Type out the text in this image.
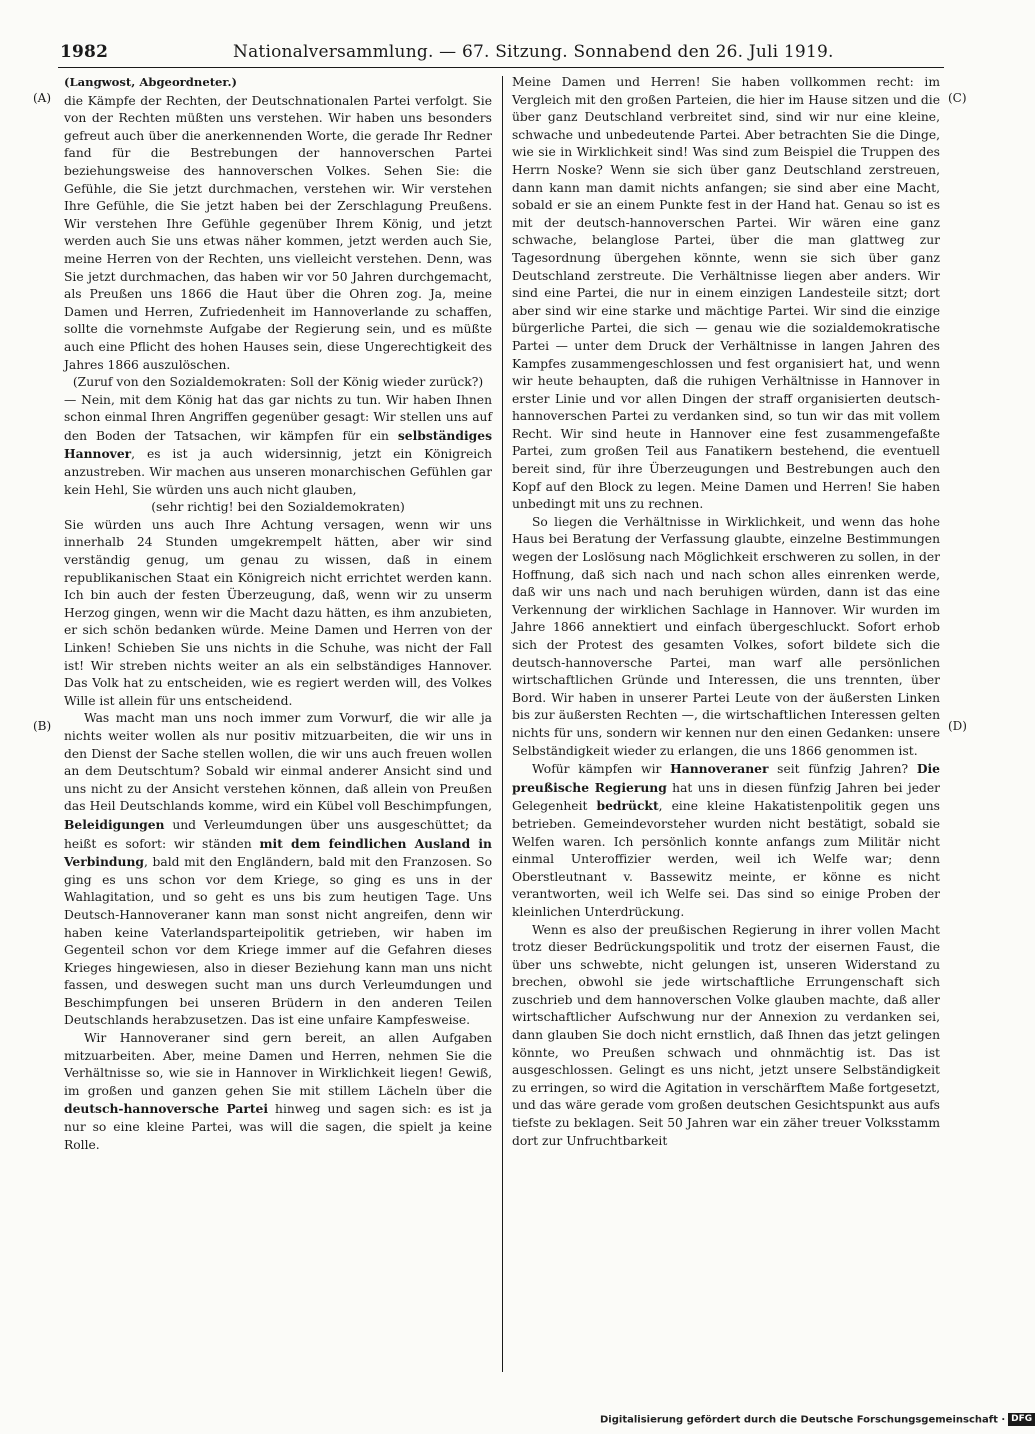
1982	Nationalversammlung. — 67. Sitzung. Sonnabend den 26. Juli 1919.
(A)
(B)
(C)
(D)

(Langwost, Abgeordneter.)

die Kämpfe der Rechten, der Deutschnationalen Partei verfolgt. Sie von der Rechten müßten uns verstehen. Wir haben uns besonders gefreut auch über die anerkennenden Worte, die gerade Ihr Redner fand für die Bestrebungen der hannoverschen Partei beziehungsweise des hannoverschen Volkes. Sehen Sie: die Gefühle, die Sie jetzt durchmachen, verstehen wir. Wir verstehen Ihre Gefühle, die Sie jetzt haben bei der Zerschlagung Preußens. Wir verstehen Ihre Gefühle gegenüber Ihrem König, und jetzt werden auch Sie uns etwas näher kommen, jetzt werden auch Sie, meine Herren von der Rechten, uns vielleicht verstehen. Denn, was Sie jetzt durchmachen, das haben wir vor 50 Jahren durchgemacht, als Preußen uns 1866 die Haut über die Ohren zog. Ja, meine Damen und Herren, Zufriedenheit im Hannoverlande zu schaffen, sollte die vornehmste Aufgabe der Regierung sein, und es müßte auch eine Pflicht des hohen Hauses sein, diese Ungerechtigkeit des Jahres 1866 auszulöschen.

(Zuruf von den Sozialdemokraten: Soll der König wieder zurück?)

— Nein, mit dem König hat das gar nichts zu tun. Wir haben Ihnen schon einmal Ihren Angriffen gegenüber gesagt: Wir stellen uns auf den Boden der Tatsachen, wir kämpfen für ein selbständiges Hannover, es ist ja auch widersinnig, jetzt ein Königreich anzustreben. Wir machen aus unseren monarchischen Gefühlen gar kein Hehl, Sie würden uns auch nicht glauben,

(sehr richtig! bei den Sozialdemokraten)

Sie würden uns auch Ihre Achtung versagen, wenn wir uns innerhalb 24 Stunden umgekrempelt hätten, aber wir sind verständig genug, um genau zu wissen, daß in einem republikanischen Staat ein Königreich nicht errichtet werden kann. Ich bin auch der festen Überzeugung, daß, wenn wir zu unserm Herzog gingen, wenn wir die Macht dazu hätten, es ihm anzubieten, er sich schön bedanken würde. Meine Damen und Herren von der Linken! Schieben Sie uns nichts in die Schuhe, was nicht der Fall ist! Wir streben nichts weiter an als ein selbständiges Hannover. Das Volk hat zu entscheiden, wie es regiert werden will, des Volkes Wille ist allein für uns entscheidend.

Was macht man uns noch immer zum Vorwurf, die wir alle ja nichts weiter wollen als nur positiv mitzuarbeiten, die wir uns in den Dienst der Sache stellen wollen, die wir uns auch freuen wollen an dem Deutschtum? Sobald wir einmal anderer Ansicht sind und uns nicht zu der Ansicht verstehen können, daß allein von Preußen das Heil Deutschlands komme, wird ein Kübel voll Beschimpfungen, Beleidigungen und Verleumdungen über uns ausgeschüttet; da heißt es sofort: wir ständen mit dem feindlichen Ausland in Verbindung, bald mit den Engländern, bald mit den Franzosen. So ging es uns schon vor dem Kriege, so ging es uns in der Wahlagitation, und so geht es uns bis zum heutigen Tage. Uns Deutsch-Hannoveraner kann man sonst nicht angreifen, denn wir haben keine Vaterlandsparteipolitik getrieben, wir haben im Gegenteil schon vor dem Kriege immer auf die Gefahren dieses Krieges hingewiesen, also in dieser Beziehung kann man uns nicht fassen, und deswegen sucht man uns durch Verleumdungen und Beschimpfungen bei unseren Brüdern in den anderen Teilen Deutschlands herabzusetzen. Das ist eine unfaire Kampfesweise.

Wir Hannoveraner sind gern bereit, an allen Aufgaben mitzuarbeiten. Aber, meine Damen und Herren, nehmen Sie die Verhältnisse so, wie sie in Hannover in Wirklichkeit liegen! Gewiß, im großen und ganzen gehen Sie mit stillem Lächeln über die deutsch-hannoversche Partei hinweg und sagen sich: es ist ja nur so eine kleine Partei, was will die sagen, die spielt ja keine Rolle.

Meine Damen und Herren! Sie haben vollkommen recht: im Vergleich mit den großen Parteien, die hier im Hause sitzen und die über ganz Deutschland verbreitet sind, sind wir nur eine kleine, schwache und unbedeutende Partei. Aber betrachten Sie die Dinge, wie sie in Wirklichkeit sind! Was sind zum Beispiel die Truppen des Herrn Noske? Wenn sie sich über ganz Deutschland zerstreuen, dann kann man damit nichts anfangen; sie sind aber eine Macht, sobald er sie an einem Punkte fest in der Hand hat. Genau so ist es mit der deutsch-hannoverschen Partei. Wir wären eine ganz schwache, belanglose Partei, über die man glattweg zur Tagesordnung übergehen könnte, wenn sie sich über ganz Deutschland zerstreute. Die Verhältnisse liegen aber anders. Wir sind eine Partei, die nur in einem einzigen Landesteile sitzt; dort aber sind wir eine starke und mächtige Partei. Wir sind die einzige bürgerliche Partei, die sich — genau wie die sozialdemokratische Partei — unter dem Druck der Verhältnisse in langen Jahren des Kampfes zusammengeschlossen und fest organisiert hat, und wenn wir heute behaupten, daß die ruhigen Verhältnisse in Hannover in erster Linie und vor allen Dingen der straff organisierten deutsch-hannoverschen Partei zu verdanken sind, so tun wir das mit vollem Recht. Wir sind heute in Hannover eine fest zusammengefaßte Partei, zum großen Teil aus Fanatikern bestehend, die eventuell bereit sind, für ihre Überzeugungen und Bestrebungen auch den Kopf auf den Block zu legen. Meine Damen und Herren! Sie haben unbedingt mit uns zu rechnen.

So liegen die Verhältnisse in Wirklichkeit, und wenn das hohe Haus bei Beratung der Verfassung glaubte, einzelne Bestimmungen wegen der Loslösung nach Möglichkeit erschweren zu sollen, in der Hoffnung, daß sich nach und nach schon alles einrenken werde, daß wir uns nach und nach beruhigen würden, dann ist das eine Verkennung der wirklichen Sachlage in Hannover. Wir wurden im Jahre 1866 annektiert und einfach übergeschluckt. Sofort erhob sich der Protest des gesamten Volkes, sofort bildete sich die deutsch-hannoversche Partei, man warf alle persönlichen wirtschaftlichen Gründe und Interessen, die uns trennten, über Bord. Wir haben in unserer Partei Leute von der äußersten Linken bis zur äußersten Rechten —, die wirtschaftlichen Interessen gelten nichts für uns, sondern wir kennen nur den einen Gedanken: unsere Selbständigkeit wieder zu erlangen, die uns 1866 genommen ist.

Wofür kämpfen wir Hannoveraner seit fünfzig Jahren? Die preußische Regierung hat uns in diesen fünfzig Jahren bei jeder Gelegenheit bedrückt, eine kleine Hakatistenpolitik gegen uns betrieben. Gemeindevorsteher wurden nicht bestätigt, sobald sie Welfen waren. Ich persönlich konnte anfangs zum Militär nicht einmal Unteroffizier werden, weil ich Welfe war; denn Oberstleutnant v. Bassewitz meinte, er könne es nicht verantworten, weil ich Welfe sei. Das sind so einige Proben der kleinlichen Unterdrückung.

Wenn es also der preußischen Regierung in ihrer vollen Macht trotz dieser Bedrückungspolitik und trotz der eisernen Faust, die über uns schwebte, nicht gelungen ist, unseren Widerstand zu brechen, obwohl sie jede wirtschaftliche Errungenschaft sich zuschrieb und dem hannoverschen Volke glauben machte, daß aller wirtschaftlicher Aufschwung nur der Annexion zu verdanken sei, dann glauben Sie doch nicht ernstlich, daß Ihnen das jetzt gelingen könnte, wo Preußen schwach und ohnmächtig ist. Das ist ausgeschlossen. Gelingt es uns nicht, jetzt unsere Selbständigkeit zu erringen, so wird die Agitation in verschärftem Maße fortgesetzt, und das wäre gerade vom großen deutschen Gesichtspunkt aus aufs tiefste zu beklagen. Seit 50 Jahren war ein zäher treuer Volksstamm dort zur Unfruchtbarkeit

Digitalisierung gefördert durch die Deutsche Forschungsgemeinschaft · DFG
